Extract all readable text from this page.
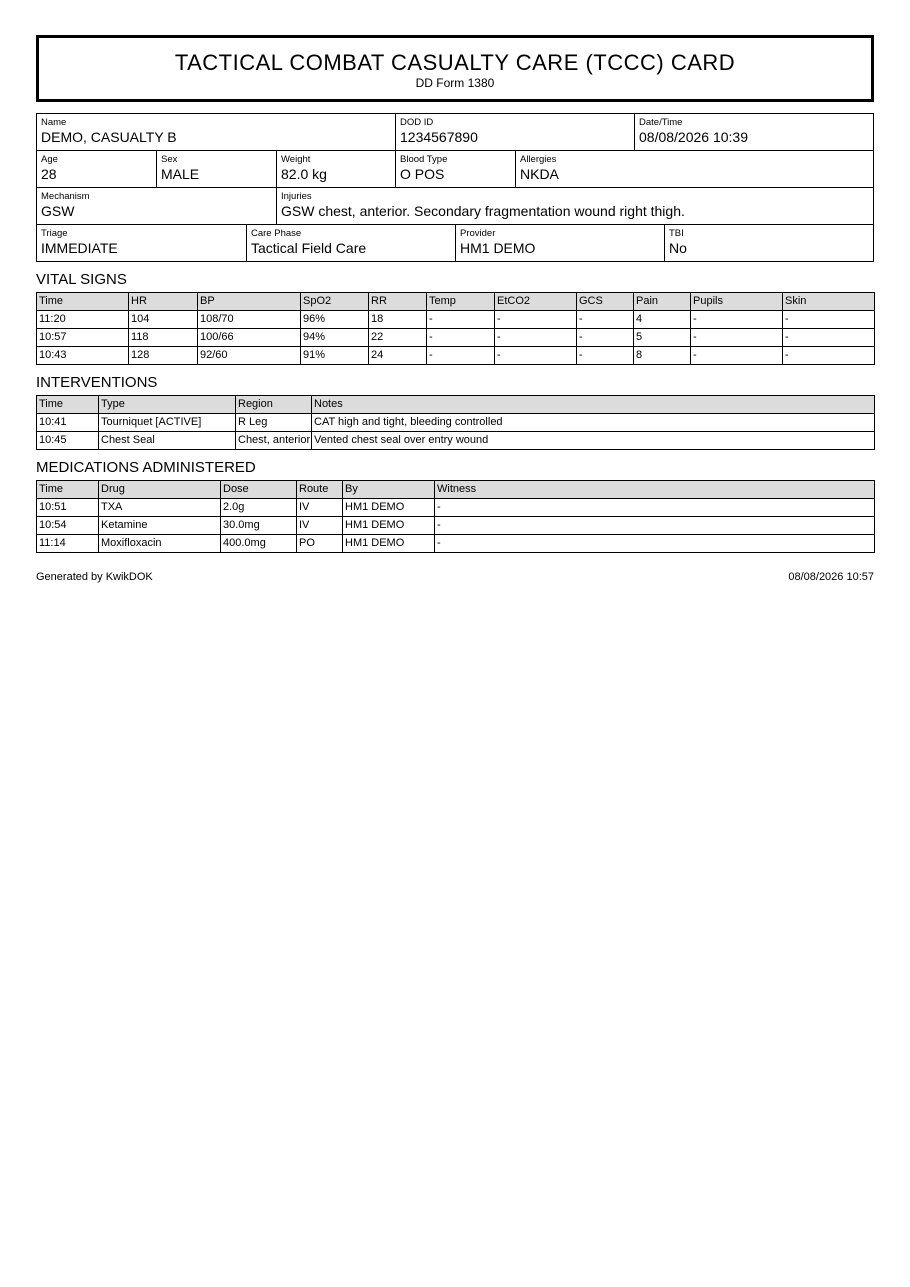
TACTICAL COMBAT CASUALTY CARE (TCCC) CARD
DD Form 1380
Name
DEMO, CASUALTY B
DOD ID
1234567890
Date/Time
08/08/2026 10:39
Age
28
Sex
MALE
Weight
82.0 kg
Blood Type
O POS
Allergies
NKDA
Mechanism
GSW
Injuries
GSW chest, anterior. Secondary fragmentation wound right thigh.
Triage
IMMEDIATE
Care Phase
Tactical Field Care
Provider
HM1 DEMO
TBI
No
VITAL SIGNS
Time	HR	BP	SpO2	RR	Temp	EtCO2	GCS	Pain	Pupils	Skin
11:20	104	108/70	96%	18	-	-	-	4	-	-
10:57	118	100/66	94%	22	-	-	-	5	-	-
10:43	128	92/60	91%	24	-	-	-	8	-	-
INTERVENTIONS
Time	Type	Region	Notes
10:41	Tourniquet [ACTIVE]	R Leg	CAT high and tight, bleeding controlled
10:45	Chest Seal	Chest, anterior	Vented chest seal over entry wound
MEDICATIONS ADMINISTERED
Time	Drug	Dose	Route	By	Witness
10:51	TXA	2.0g	IV	HM1 DEMO	-
10:54	Ketamine	30.0mg	IV	HM1 DEMO	-
11:14	Moxifloxacin	400.0mg	PO	HM1 DEMO	-
Generated by KwikDOK	08/08/2026 10:57
